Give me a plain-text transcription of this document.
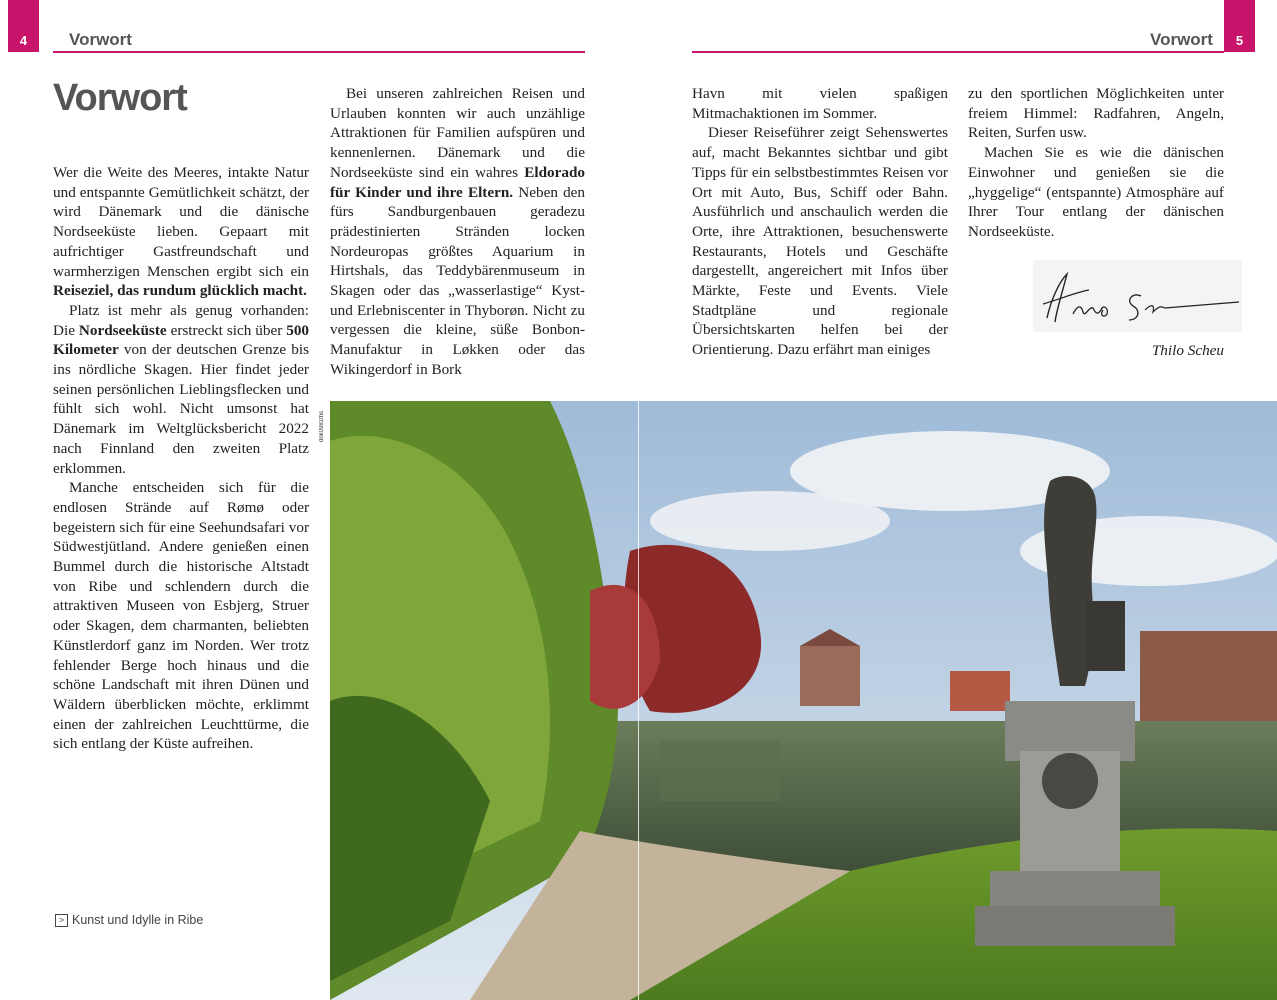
4 Vorwort	5
Vorwort
Vorwort

Wer die Weite des Meeres, intakte Natur und entspannte Gemütlichkeit schätzt, der wird Dänemark und die dänische Nordseeküste lieben. Gepaart mit aufrichtiger Gastfreundschaft und warmherzigen Menschen ergibt sich ein Reiseziel, das rundum glücklich macht.

Platz ist mehr als genug vorhanden: Die Nordseeküste erstreckt sich über 500 Kilometer von der deutschen Grenze bis ins nördliche Skagen. Hier findet jeder seinen persönlichen Lieblingsflecken und fühlt sich wohl. Nicht umsonst hat Dänemark im Weltglücksbericht 2022 nach Finnland den zweiten Platz erklommen.

Manche entscheiden sich für die endlosen Strände auf Rømø oder begeistern sich für eine Seehundsafari vor Südwestjütland. Andere genießen einen Bummel durch die historische Altstadt von Ribe und schlendern durch die attraktiven Museen von Esbjerg, Struer oder Skagen, dem charmanten, beliebten Künstlerdorf ganz im Norden. Wer trotz fehlender Berge hoch hinaus und die schöne Landschaft mit ihren Dünen und Wäldern überblicken möchte, erklimmt einen der zahlreichen Leuchttürme, die sich entlang der Küste aufreihen.

Bei unseren zahlreichen Reisen und Urlauben konnten wir auch unzählige Attraktionen für Familien aufspüren und kennenlernen. Dänemark und die Nordseeküste sind ein wahres Eldorado für Kinder und ihre Eltern. Neben den fürs Sandburgenbauen geradezu prädestinierten Stränden locken Nordeuropas größtes Aquarium in Hirtshals, das Teddybärenmuseum in Skagen oder das „wasserlastige“ Kyst- und Erlebniscenter in Thyborøn. Nicht zu vergessen die kleine, süße Bonbon-Manufaktur in Løkken oder das Wikingerdorf in Bork

Havn mit vielen spaßigen Mitmachaktionen im Sommer.

Dieser Reiseführer zeigt Sehenswertes auf, macht Bekanntes sichtbar und gibt Tipps für ein selbstbestimmtes Reisen vor Ort mit Auto, Bus, Schiff oder Bahn. Ausführlich und anschaulich werden die Orte, ihre Attraktionen, besuchenswerte Restaurants, Hotels und Geschäfte dargestellt, angereichert mit Infos über Märkte, Feste und Events. Viele Stadtpläne und regionale Übersichtskarten helfen bei der Orientierung. Dazu erfährt man einiges

zu den sportlichen Möglichkeiten unter freiem Himmel: Radfahren, Angeln, Reiten, Surfen usw.

Machen Sie es wie die dänischen Einwohner und genießen sie die „hyggelige“ (entspannte) Atmosphäre auf Ihrer Tour entlang der dänischen Nordseeküste.

Thilo Scheu
dnk0981ths
> Kunst und Idylle in Ribe
